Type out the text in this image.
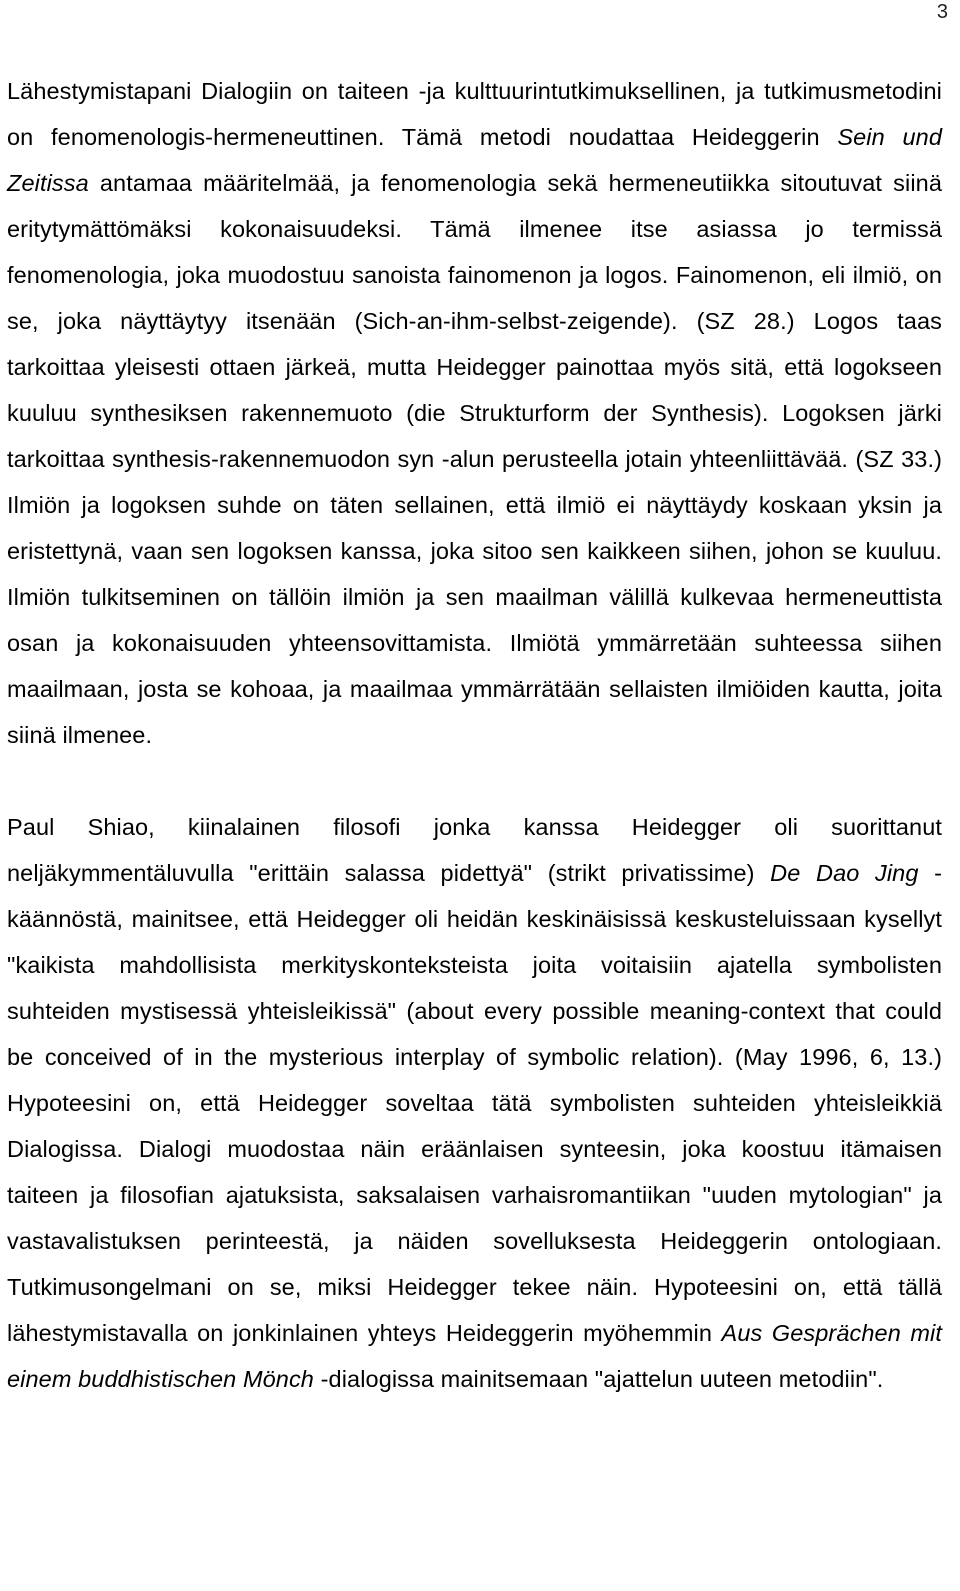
3

Lähestymistapani Dialogiin on taiteen -ja kulttuurintutkimuksellinen, ja tutkimusmetodini on fenomenologis-hermeneuttinen. Tämä metodi noudattaa Heideggerin Sein und Zeitissa antamaa määritelmää, ja fenomenologia sekä hermeneutiikka sitoutuvat siinä eritytymättömäksi kokonaisuudeksi. Tämä ilmenee itse asiassa jo termissä fenomenologia, joka muodostuu sanoista fainomenon ja logos. Fainomenon, eli ilmiö, on se, joka näyttäytyy itsenään (Sich-an-ihm-selbst-zeigende). (SZ 28.) Logos taas tarkoittaa yleisesti ottaen järkeä, mutta Heidegger painottaa myös sitä, että logokseen kuuluu synthesiksen rakennemuoto (die Strukturform der Synthesis). Logoksen järki tarkoittaa synthesis-rakennemuodon syn -alun perusteella jotain yhteenliittävää. (SZ 33.) Ilmiön ja logoksen suhde on täten sellainen, että ilmiö ei näyttäydy koskaan yksin ja eristettynä, vaan sen logoksen kanssa, joka sitoo sen kaikkeen siihen, johon se kuuluu. Ilmiön tulkitseminen on tällöin ilmiön ja sen maailman välillä kulkevaa hermeneuttista osan ja kokonaisuuden yhteensovittamista. Ilmiötä ymmärretään suhteessa siihen maailmaan, josta se kohoaa, ja maailmaa ymmärrätään sellaisten ilmiöiden kautta, joita siinä ilmenee.

Paul Shiao, kiinalainen filosofi jonka kanssa Heidegger oli suorittanut neljäkymmentäluvulla "erittäin salassa pidettyä" (strikt privatissime) De Dao Jing -käännöstä, mainitsee, että Heidegger oli heidän keskinäisissä keskusteluissaan kysellyt "kaikista mahdollisista merkityskonteksteista joita voitaisiin ajatella symbolisten suhteiden mystisessä yhteisleikissä" (about every possible meaning-context that could be conceived of in the mysterious interplay of symbolic relation). (May 1996, 6, 13.) Hypoteesini on, että Heidegger soveltaa tätä symbolisten suhteiden yhteisleikkiä Dialogissa. Dialogi muodostaa näin eräänlaisen synteesin, joka koostuu itämaisen taiteen ja filosofian ajatuksista, saksalaisen varhaisromantiikan "uuden mytologian" ja vastavalistuksen perinteestä, ja näiden sovelluksesta Heideggerin ontologiaan. Tutkimusongelmani on se, miksi Heidegger tekee näin. Hypoteesini on, että tällä lähestymistavalla on jonkinlainen yhteys Heideggerin myöhemmin Aus Gesprächen mit einem buddhistischen Mönch -dialogissa mainitsemaan "ajattelun uuteen metodiin".
